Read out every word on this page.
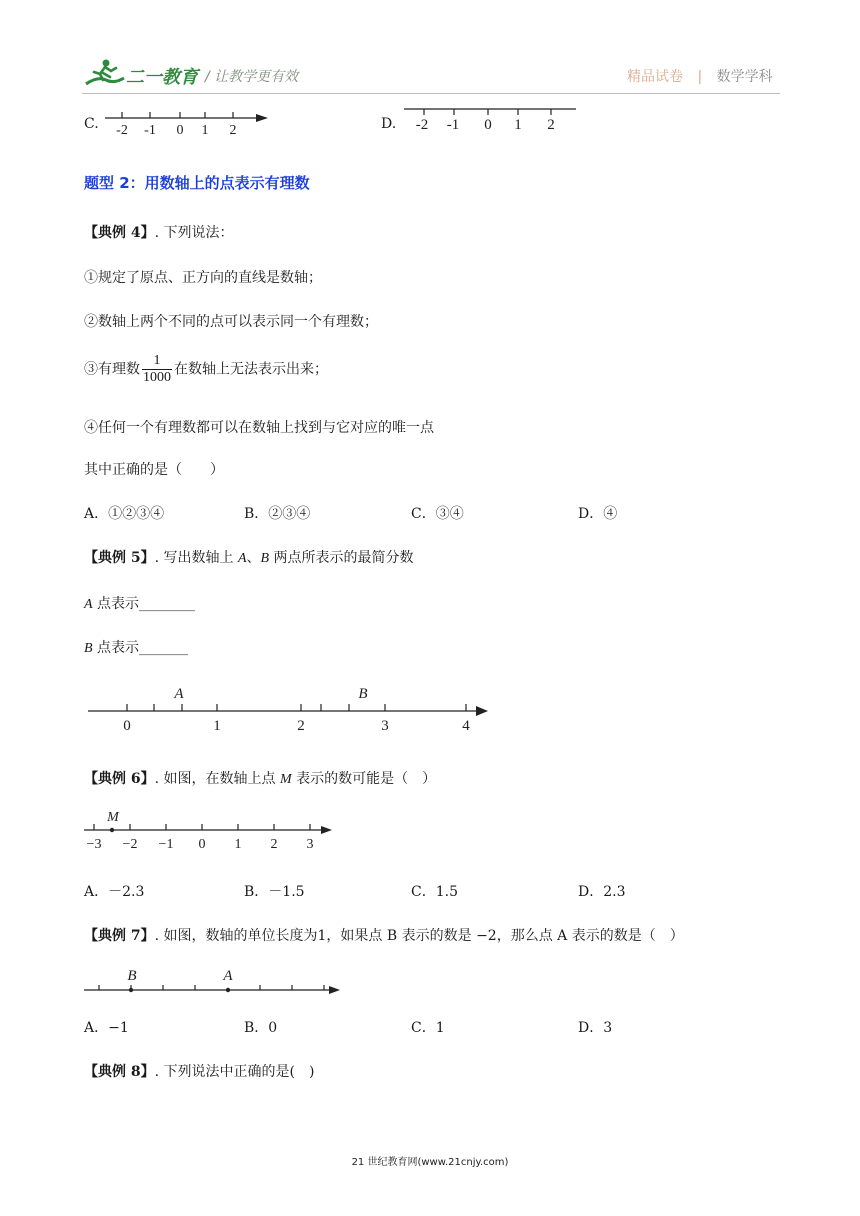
二一教育 / 让教学更有效	精品试卷 | 数学学科
C. -2 -1 0 1 2	D. -2 -1 0 1 2
题型 2：用数轴上的点表示有理数
【典例 4】. 下列说法：
①规定了原点、正方向的直线是数轴；
②数轴上两个不同的点可以表示同一个有理数；
③有理数 $\frac{1}{1000}$ 在数轴上无法表示出来；
④任何一个有理数都可以在数轴上找到与它对应的唯一点
其中正确的是（　　）
A．①②③④	B．②③④	C．③④	D．④
【典例 5】. 写出数轴上 A、B 两点所表示的最简分数
A 点表示________
B 点表示_______
0	1	2	3	4
A	B
【典例 6】. 如图，在数轴上点 M 表示的数可能是（　）
M
−3 −2 −1 0 1 2 3
A．－2.3	B．－1.5	C．1.5	D．2.3
【典例 7】. 如图，数轴的单位长度为1，如果点 B 表示的数是 −2，那么点 A 表示的数是（　）
B	A
A．−1	B．0	C．1	D．3
【典例 8】. 下列说法中正确的是(　)
21 世纪教育网(www.21cnjy.com)
